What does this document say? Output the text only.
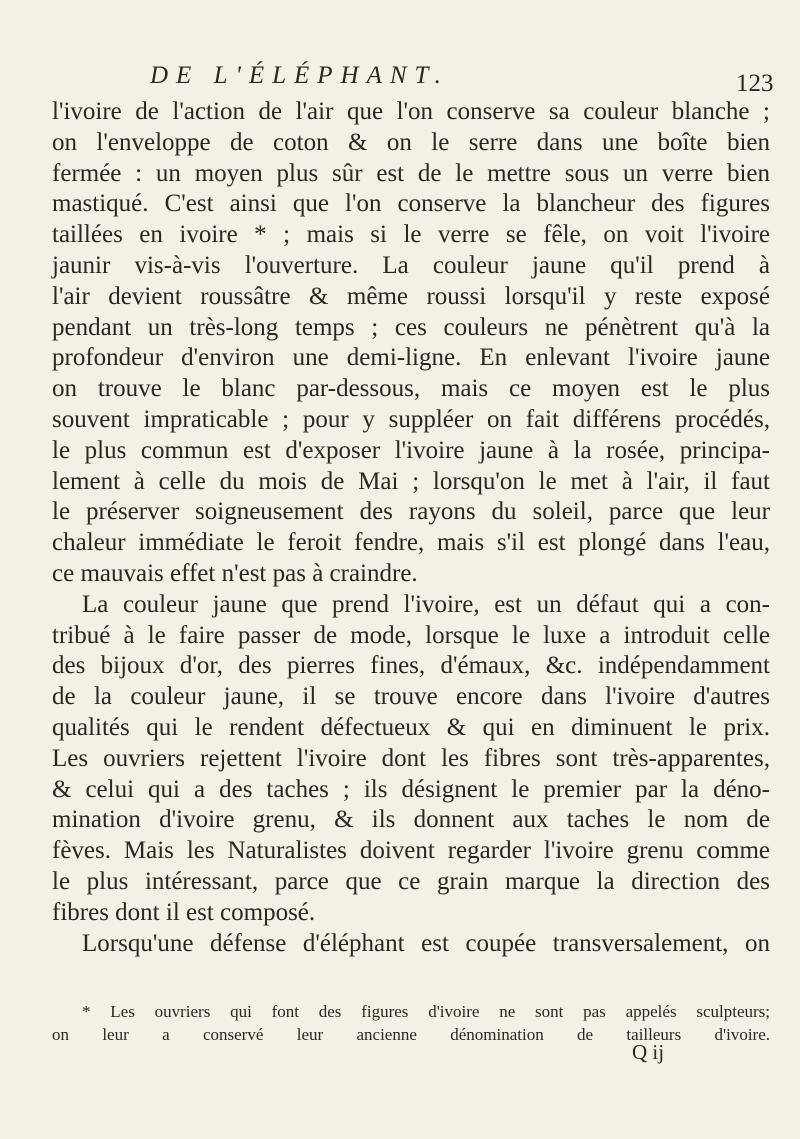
DE L'ÉLÉPHANT.	123
l'ivoire de l'action de l'air que l'on conserve sa couleur blanche ;
on l'enveloppe de coton & on le serre dans une boîte bien
fermée : un moyen plus sûr est de le mettre sous un verre bien
mastiqué. C'est ainsi que l'on conserve la blancheur des figures
taillées en ivoire * ; mais si le verre se fêle, on voit l'ivoire
jaunir vis-à-vis l'ouverture. La couleur jaune qu'il prend à
l'air devient roussâtre & même roussi lorsqu'il y reste exposé
pendant un très-long temps ; ces couleurs ne pénètrent qu'à la
profondeur d'environ une demi-ligne. En enlevant l'ivoire jaune
on trouve le blanc par-dessous, mais ce moyen est le plus
souvent impraticable ; pour y suppléer on fait différens procédés,
le plus commun est d'exposer l'ivoire jaune à la rosée, principa-
lement à celle du mois de Mai ; lorsqu'on le met à l'air, il faut
le préserver soigneusement des rayons du soleil, parce que leur
chaleur immédiate le feroit fendre, mais s'il est plongé dans l'eau,
ce mauvais effet n'est pas à craindre.
La couleur jaune que prend l'ivoire, est un défaut qui a con-
tribué à le faire passer de mode, lorsque le luxe a introduit celle
des bijoux d'or, des pierres fines, d'émaux, &c. indépendamment
de la couleur jaune, il se trouve encore dans l'ivoire d'autres
qualités qui le rendent défectueux & qui en diminuent le prix.
Les ouvriers rejettent l'ivoire dont les fibres sont très-apparentes,
& celui qui a des taches ; ils désignent le premier par la déno-
mination d'ivoire grenu, & ils donnent aux taches le nom de
fèves. Mais les Naturalistes doivent regarder l'ivoire grenu comme
le plus intéressant, parce que ce grain marque la direction des
fibres dont il est composé.
Lorsqu'une défense d'éléphant est coupée transversalement, on
* Les ouvriers qui font des figures d'ivoire ne sont pas appelés sculpteurs;
on leur a conservé leur ancienne dénomination de tailleurs d'ivoire.
Q ij
